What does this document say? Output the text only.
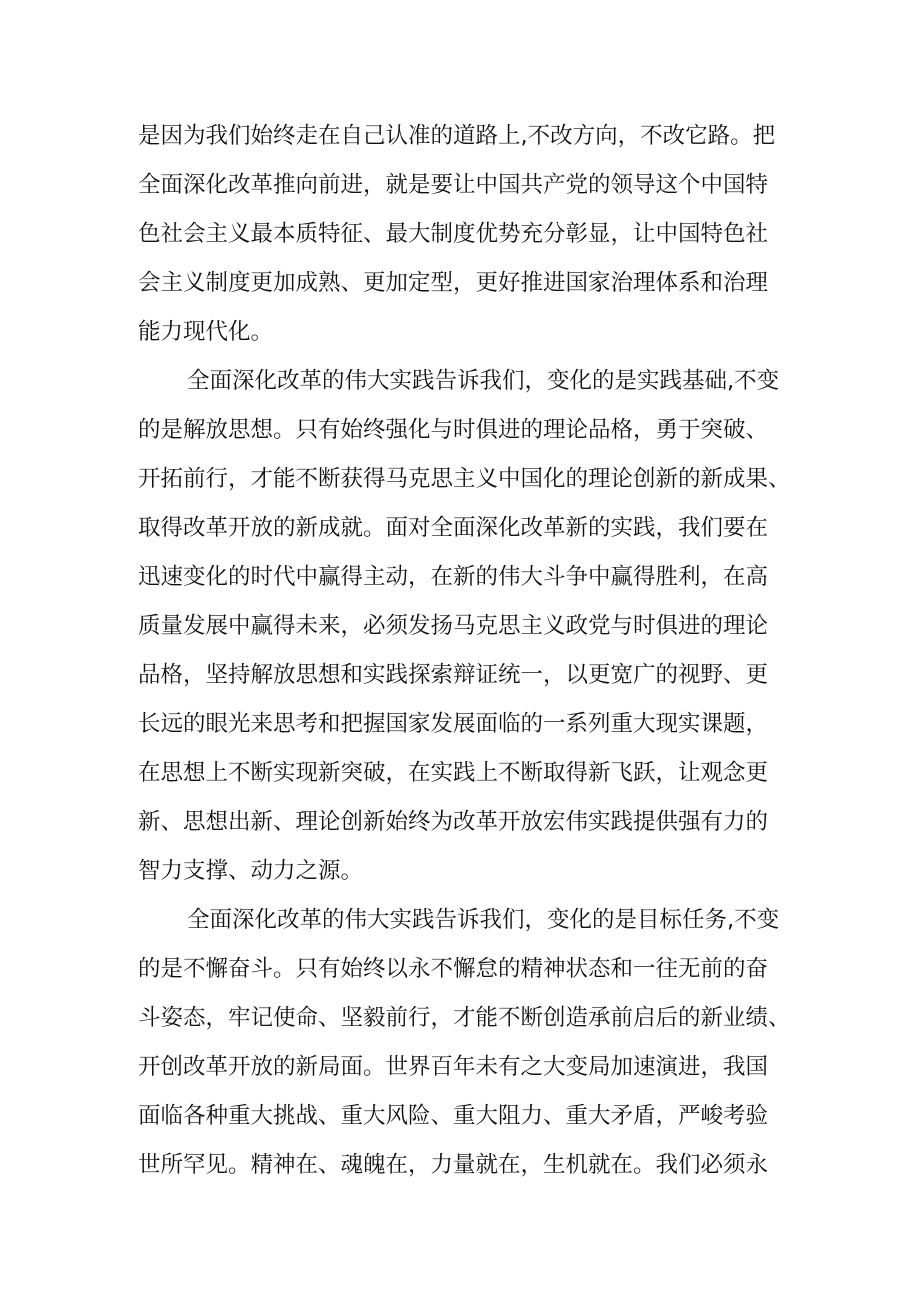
是因为我们始终走在自己认准的道路上,不改方向，不改它路。把
全面深化改革推向前进，就是要让中国共产党的领导这个中国特
色社会主义最本质特征、最大制度优势充分彰显，让中国特色社
会主义制度更加成熟、更加定型，更好推进国家治理体系和治理
能力现代化。
全面深化改革的伟大实践告诉我们，变化的是实践基础,不变
的是解放思想。只有始终强化与时俱进的理论品格，勇于突破、
开拓前行，才能不断获得马克思主义中国化的理论创新的新成果、
取得改革开放的新成就。面对全面深化改革新的实践，我们要在
迅速变化的时代中赢得主动，在新的伟大斗争中赢得胜利，在高
质量发展中赢得未来，必须发扬马克思主义政党与时俱进的理论
品格，坚持解放思想和实践探索辩证统一，以更宽广的视野、更
长远的眼光来思考和把握国家发展面临的一系列重大现实课题，
在思想上不断实现新突破，在实践上不断取得新飞跃，让观念更
新、思想出新、理论创新始终为改革开放宏伟实践提供强有力的
智力支撑、动力之源。
全面深化改革的伟大实践告诉我们，变化的是目标任务,不变
的是不懈奋斗。只有始终以永不懈怠的精神状态和一往无前的奋
斗姿态，牢记使命、坚毅前行，才能不断创造承前启后的新业绩、
开创改革开放的新局面。世界百年未有之大变局加速演进，我国
面临各种重大挑战、重大风险、重大阻力、重大矛盾，严峻考验
世所罕见。精神在、魂魄在，力量就在，生机就在。我们必须永
